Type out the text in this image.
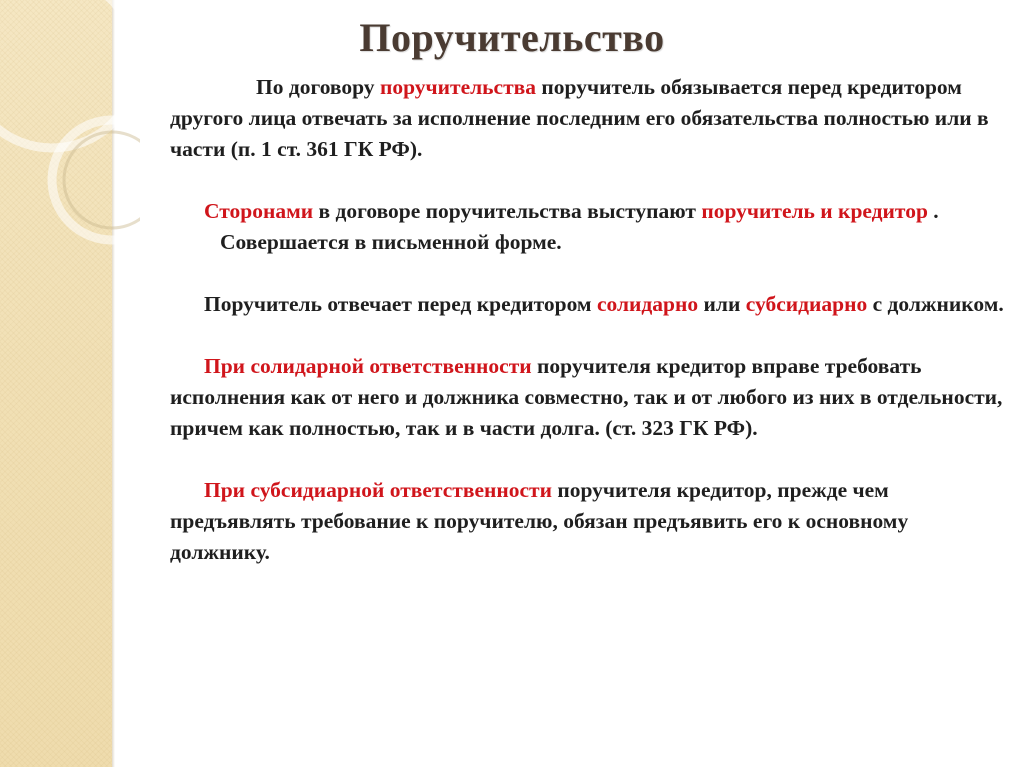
Поручительство

По договору поручительства поручитель обязывается перед кредитором другого лица отвечать за исполнение последним его обязательства полностью или в части (п. 1 ст. 361 ГК РФ).

Сторонами в договоре поручительства выступают поручитель и кредитор .

Совершается в письменной форме.

Поручитель отвечает перед кредитором солидарно или субсидиарно с должником.

При солидарной ответственности поручителя кредитор вправе требовать исполнения как от него и должника совместно, так и от любого из них в отдельности, причем как полностью, так и в части долга. (ст. 323 ГК РФ).

При субсидиарной ответственности поручителя кредитор, прежде чем предъявлять требование к поручителю, обязан предъявить его к основному должнику.
